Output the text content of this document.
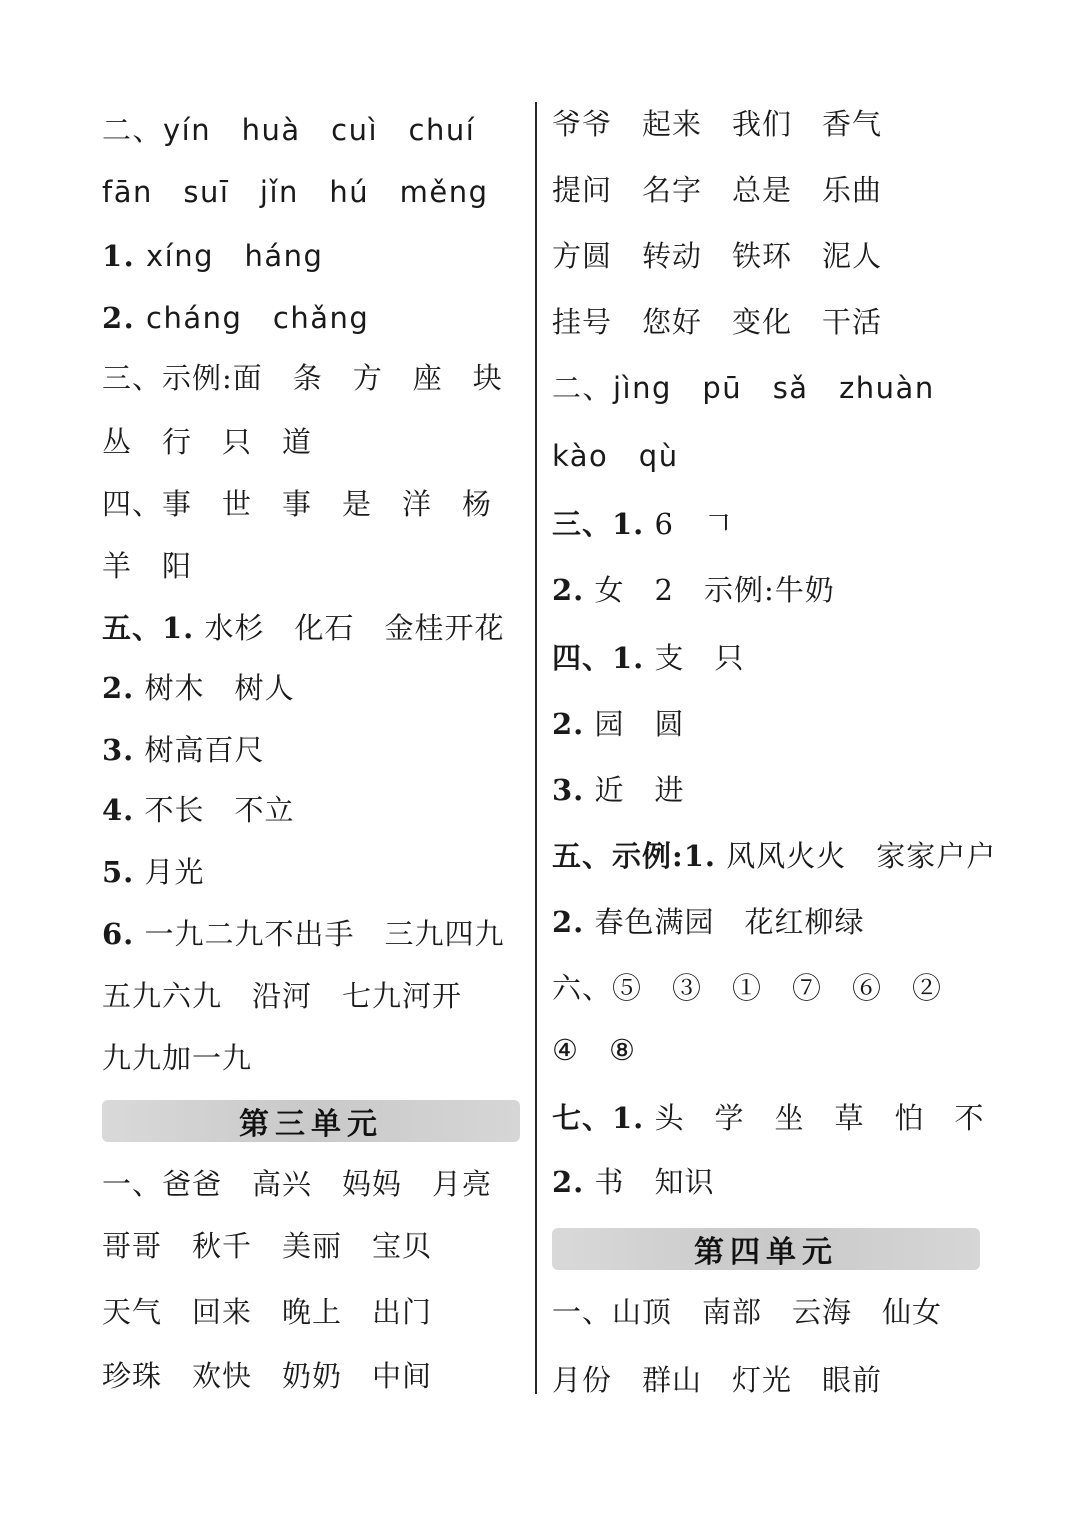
二、yín　huà　cuì　chuí
fān　suī　jǐn　hú　měng
1. xíng　háng
2. cháng　chǎng
三、示例:面　条　方　座　块
丛　行　只　道
四、事　世　事　是　洋　杨
羊　阳
五、1. 水杉　化石　金桂开花
2. 树木　树人
3. 树高百尺
4. 不长　不立
5. 月光
6. 一九二九不出手　三九四九
五九六九　沿河　七九河开
九九加一九
第三单元
一、爸爸　高兴　妈妈　月亮
哥哥　秋千　美丽　宝贝
天气　回来　晚上　出门
珍珠　欢快　奶奶　中间
爷爷　起来　我们　香气
提问　名字　总是　乐曲
方圆　转动　铁环　泥人
挂号　您好　变化　干活
二、jìng　pū　sǎ　zhuàn
kào　qù
三、1. 6　𠃍
2. 女　2　示例:牛奶
四、1. 支　只
2. 园　圆
3. 近　进
五、示例:1. 风风火火　家家户户
2. 春色满园　花红柳绿
六、⑤　③　①　⑦　⑥　②
④　⑧
七、1. 头　学　坐　草　怕　不
2. 书　知识
第四单元
一、山顶　南部　云海　仙女
月份　群山　灯光　眼前
